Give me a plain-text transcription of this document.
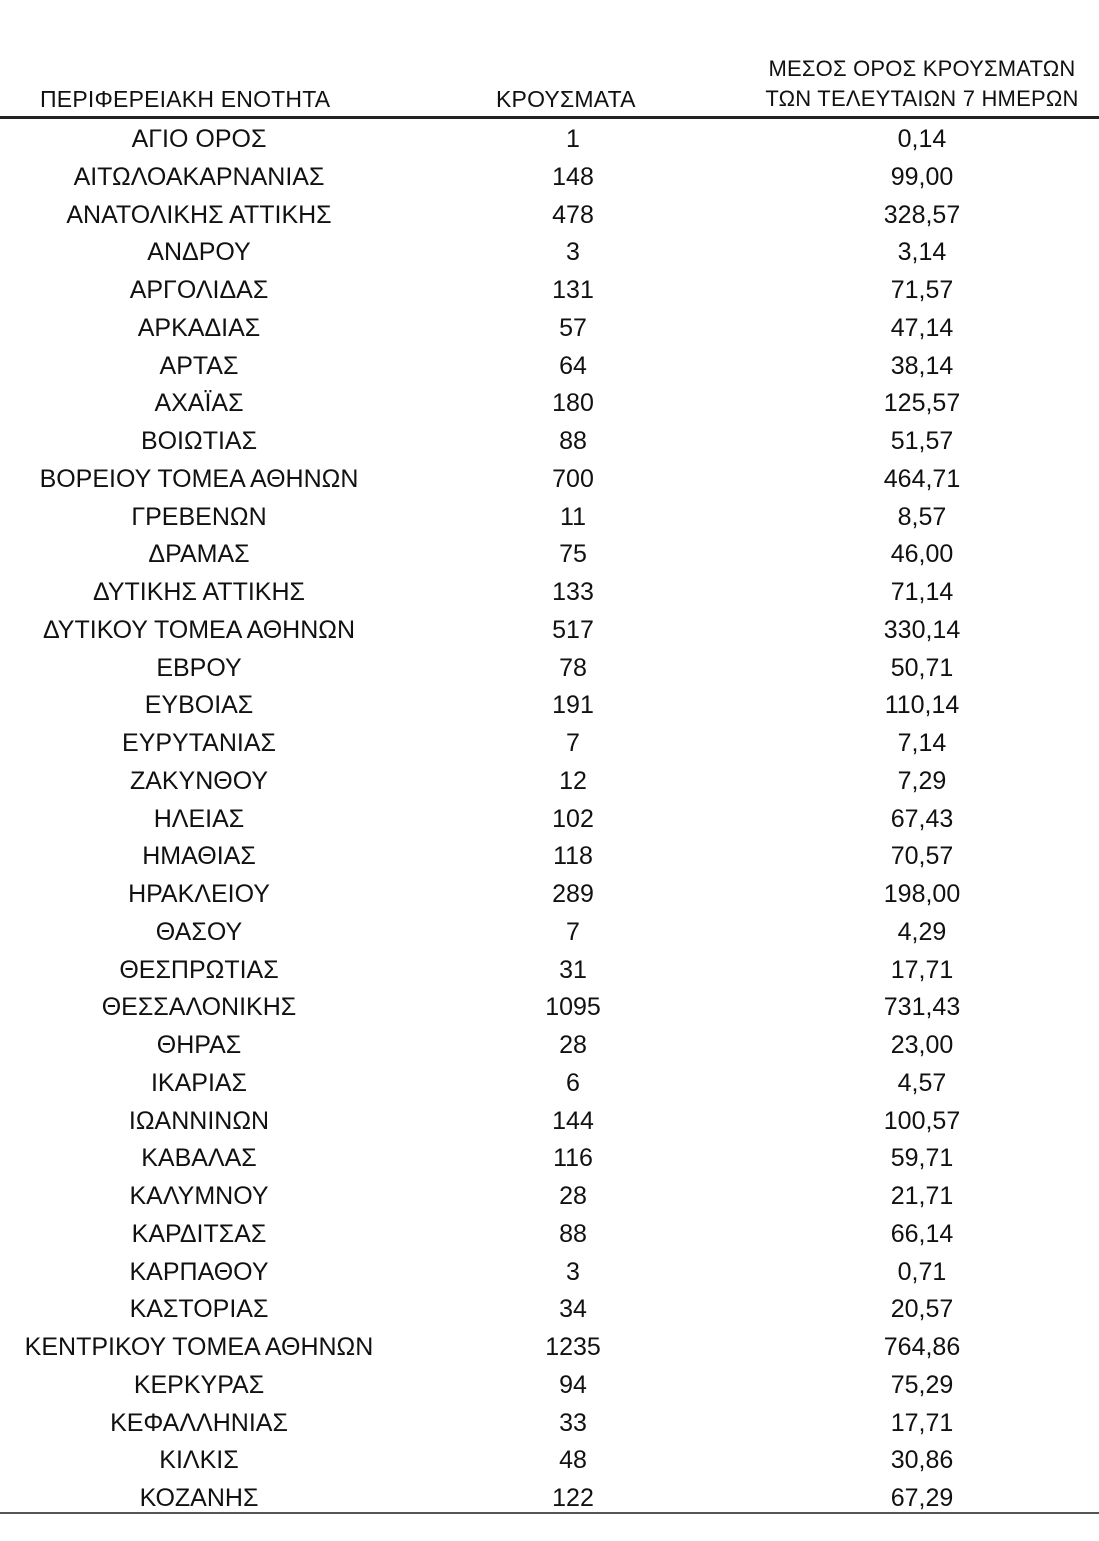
ΠΕΡΙΦΕΡΕΙΑΚΗ ΕΝΟΤΗΤΑ	ΚΡΟΥΣΜΑΤΑ
ΜΕΣΟΣ ΟΡΟΣ ΚΡΟΥΣΜΑΤΩΝ
ΤΩΝ ΤΕΛΕΥΤΑΙΩΝ 7 ΗΜΕΡΩΝ
ΑΓΙΟ ΟΡΟΣ	1	0,14
ΑΙΤΩΛΟΑΚΑΡΝΑΝΙΑΣ	148	99,00
ΑΝΑΤΟΛΙΚΗΣ ΑΤΤΙΚΗΣ	478	328,57
ΑΝΔΡΟΥ	3	3,14
ΑΡΓΟΛΙΔΑΣ	131	71,57
ΑΡΚΑΔΙΑΣ	57	47,14
ΑΡΤΑΣ	64	38,14
ΑΧΑΪΑΣ	180	125,57
ΒΟΙΩΤΙΑΣ	88	51,57
ΒΟΡΕΙΟΥ ΤΟΜΕΑ ΑΘΗΝΩΝ	700	464,71
ΓΡΕΒΕΝΩΝ	11	8,57
ΔΡΑΜΑΣ	75	46,00
ΔΥΤΙΚΗΣ ΑΤΤΙΚΗΣ	133	71,14
ΔΥΤΙΚΟΥ ΤΟΜΕΑ ΑΘΗΝΩΝ	517	330,14
ΕΒΡΟΥ	78	50,71
ΕΥΒΟΙΑΣ	191	110,14
ΕΥΡΥΤΑΝΙΑΣ	7	7,14
ΖΑΚΥΝΘΟΥ	12	7,29
ΗΛΕΙΑΣ	102	67,43
ΗΜΑΘΙΑΣ	118	70,57
ΗΡΑΚΛΕΙΟΥ	289	198,00
ΘΑΣΟΥ	7	4,29
ΘΕΣΠΡΩΤΙΑΣ	31	17,71
ΘΕΣΣΑΛΟΝΙΚΗΣ	1095	731,43
ΘΗΡΑΣ	28	23,00
ΙΚΑΡΙΑΣ	6	4,57
ΙΩΑΝΝΙΝΩΝ	144	100,57
ΚΑΒΑΛΑΣ	116	59,71
ΚΑΛΥΜΝΟΥ	28	21,71
ΚΑΡΔΙΤΣΑΣ	88	66,14
ΚΑΡΠΑΘΟΥ	3	0,71
ΚΑΣΤΟΡΙΑΣ	34	20,57
ΚΕΝΤΡΙΚΟΥ ΤΟΜΕΑ ΑΘΗΝΩΝ	1235	764,86
ΚΕΡΚΥΡΑΣ	94	75,29
ΚΕΦΑΛΛΗΝΙΑΣ	33	17,71
ΚΙΛΚΙΣ	48	30,86
ΚΟΖΑΝΗΣ	122	67,29
